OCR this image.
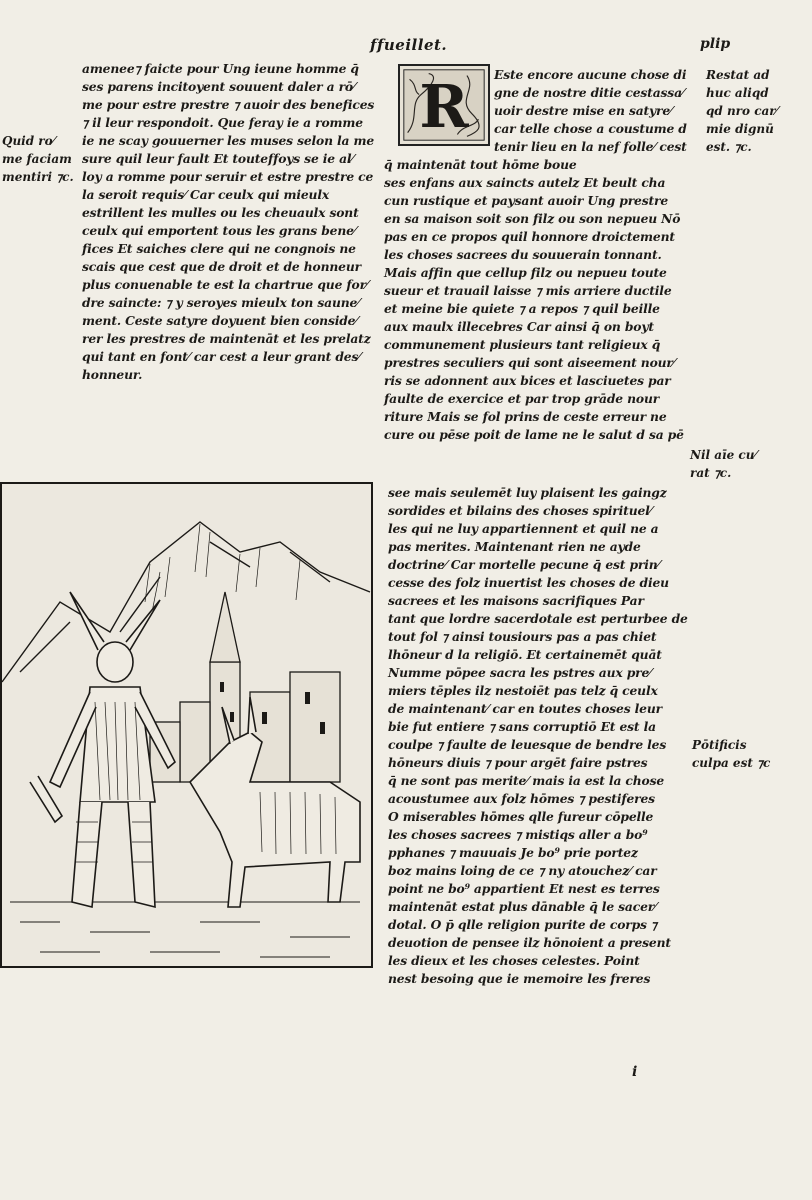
ffueillet.	plip
amenee⁊ faicte pour Ung ieune homme q̄
ses parens incitoyent souuent daler a rō⁄
me pour estre prestre ⁊ auoir des benefices
⁊ il leur respondoit. Que feray ie a romme
ie ne scay gouuerner les muses selon la me
sure quil leur fault Et touteffoys se ie al⁄
loy a romme pour seruir et estre prestre ce
la seroit requis⁄ Car ceulx qui mieulx
estrillent les mulles ou les cheuaulx sont
ceulx qui emportent tous les grans bene⁄
fices Et saiches clere qui ne congnois ne
scais que cest que de droit et de honneur
plus conuenable te est la chartrue que for⁄
dre saincte: ⁊ y seroyes mieulx ton saune⁄
ment. Ceste satyre doyuent bien conside⁄
rer les prestres de maintenāt et les prelatz
qui tant en font⁄ car cest a leur grant des⁄
honneur.
Quid ro⁄
me faciam
mentiri ⁊c.
R Este encore aucune chose di
gne de nostre ditie cestassa⁄
uoir destre mise en satyre⁄
car telle chose a coustume d
tenir lieu en la nef folle⁄ cest
q̄ maintenāt tout hōme boue
ses enfans aux saincts autelz Et beult cha
cun rustique et paysant auoir Ung prestre
en sa maison soit son filz ou son nepueu Nō
pas en ce propos quil honnore droictement
les choses sacrees du souuerain tonnant.
Mais affin que cellup filz ou nepueu toute
sueur et trauail laisse ⁊ mis arriere ductile
et meine bie quiete ⁊ a repos ⁊ quil beille
aux maulx illecebres Car ainsi q̄ on boyt
communement plusieurs tant religieux q̄
prestres seculiers qui sont aiseement nour⁄
ris se adonnent aux bices et lasciuetes par
faulte de exercice et par trop grāde nour
riture Mais se fol prins de ceste erreur ne
cure ou pēse poit de lame ne le salut d sa pē
Restat ad
huc aliqd
qd nro car⁄
mie dignū
est. ⁊c.
Nil aīe cu⁄
rat ⁊c.
see mais seulemēt luy plaisent les gaingz
sordides et bilains des choses spirituel⁄
les qui ne luy appartiennent et quil ne a
pas merites. Maintenant rien ne ayde
doctrine⁄ Car mortelle pecune q̄ est prin⁄
cesse des folz inuertist les choses de dieu
sacrees et les maisons sacrifiques Par
tant que lordre sacerdotale est perturbee de
tout fol ⁊ ainsi tousiours pas a pas chiet
lhōneur d la religiō. Et certainemēt quāt
Numme pōpee sacra les pstres aux pre⁄
miers tēples ilz nestoiēt pas telz q̄ ceulx
de maintenant⁄ car en toutes choses leur
bie fut entiere ⁊ sans corruptiō Et est la
coulpe ⁊ faulte de leuesque de bendre les
hōneurs diuis ⁊ pour argēt faire pstres
q̄ ne sont pas merite⁄ mais ia est la chose
acoustumee aux folz hōmes ⁊ pestiferes
O miserables hōmes qlle fureur cōpelle
les choses sacrees ⁊ mistiqs aller a bo⁹
pphanes ⁊ mauuais Je bo⁹ prie portez
boz mains loing de ce ⁊ ny atouchez⁄ car
point ne bo⁹ appartient Et nest es terres
maintenāt estat plus dānable q̄ le sacer⁄
dotal. O p̄ qlle religion purite de corps ⁊
deuotion de pensee ilz hōnoient a present
les dieux et les choses celestes. Point
nest besoing que ie memoire les freres
Pōtificis
culpa est ⁊c
i
